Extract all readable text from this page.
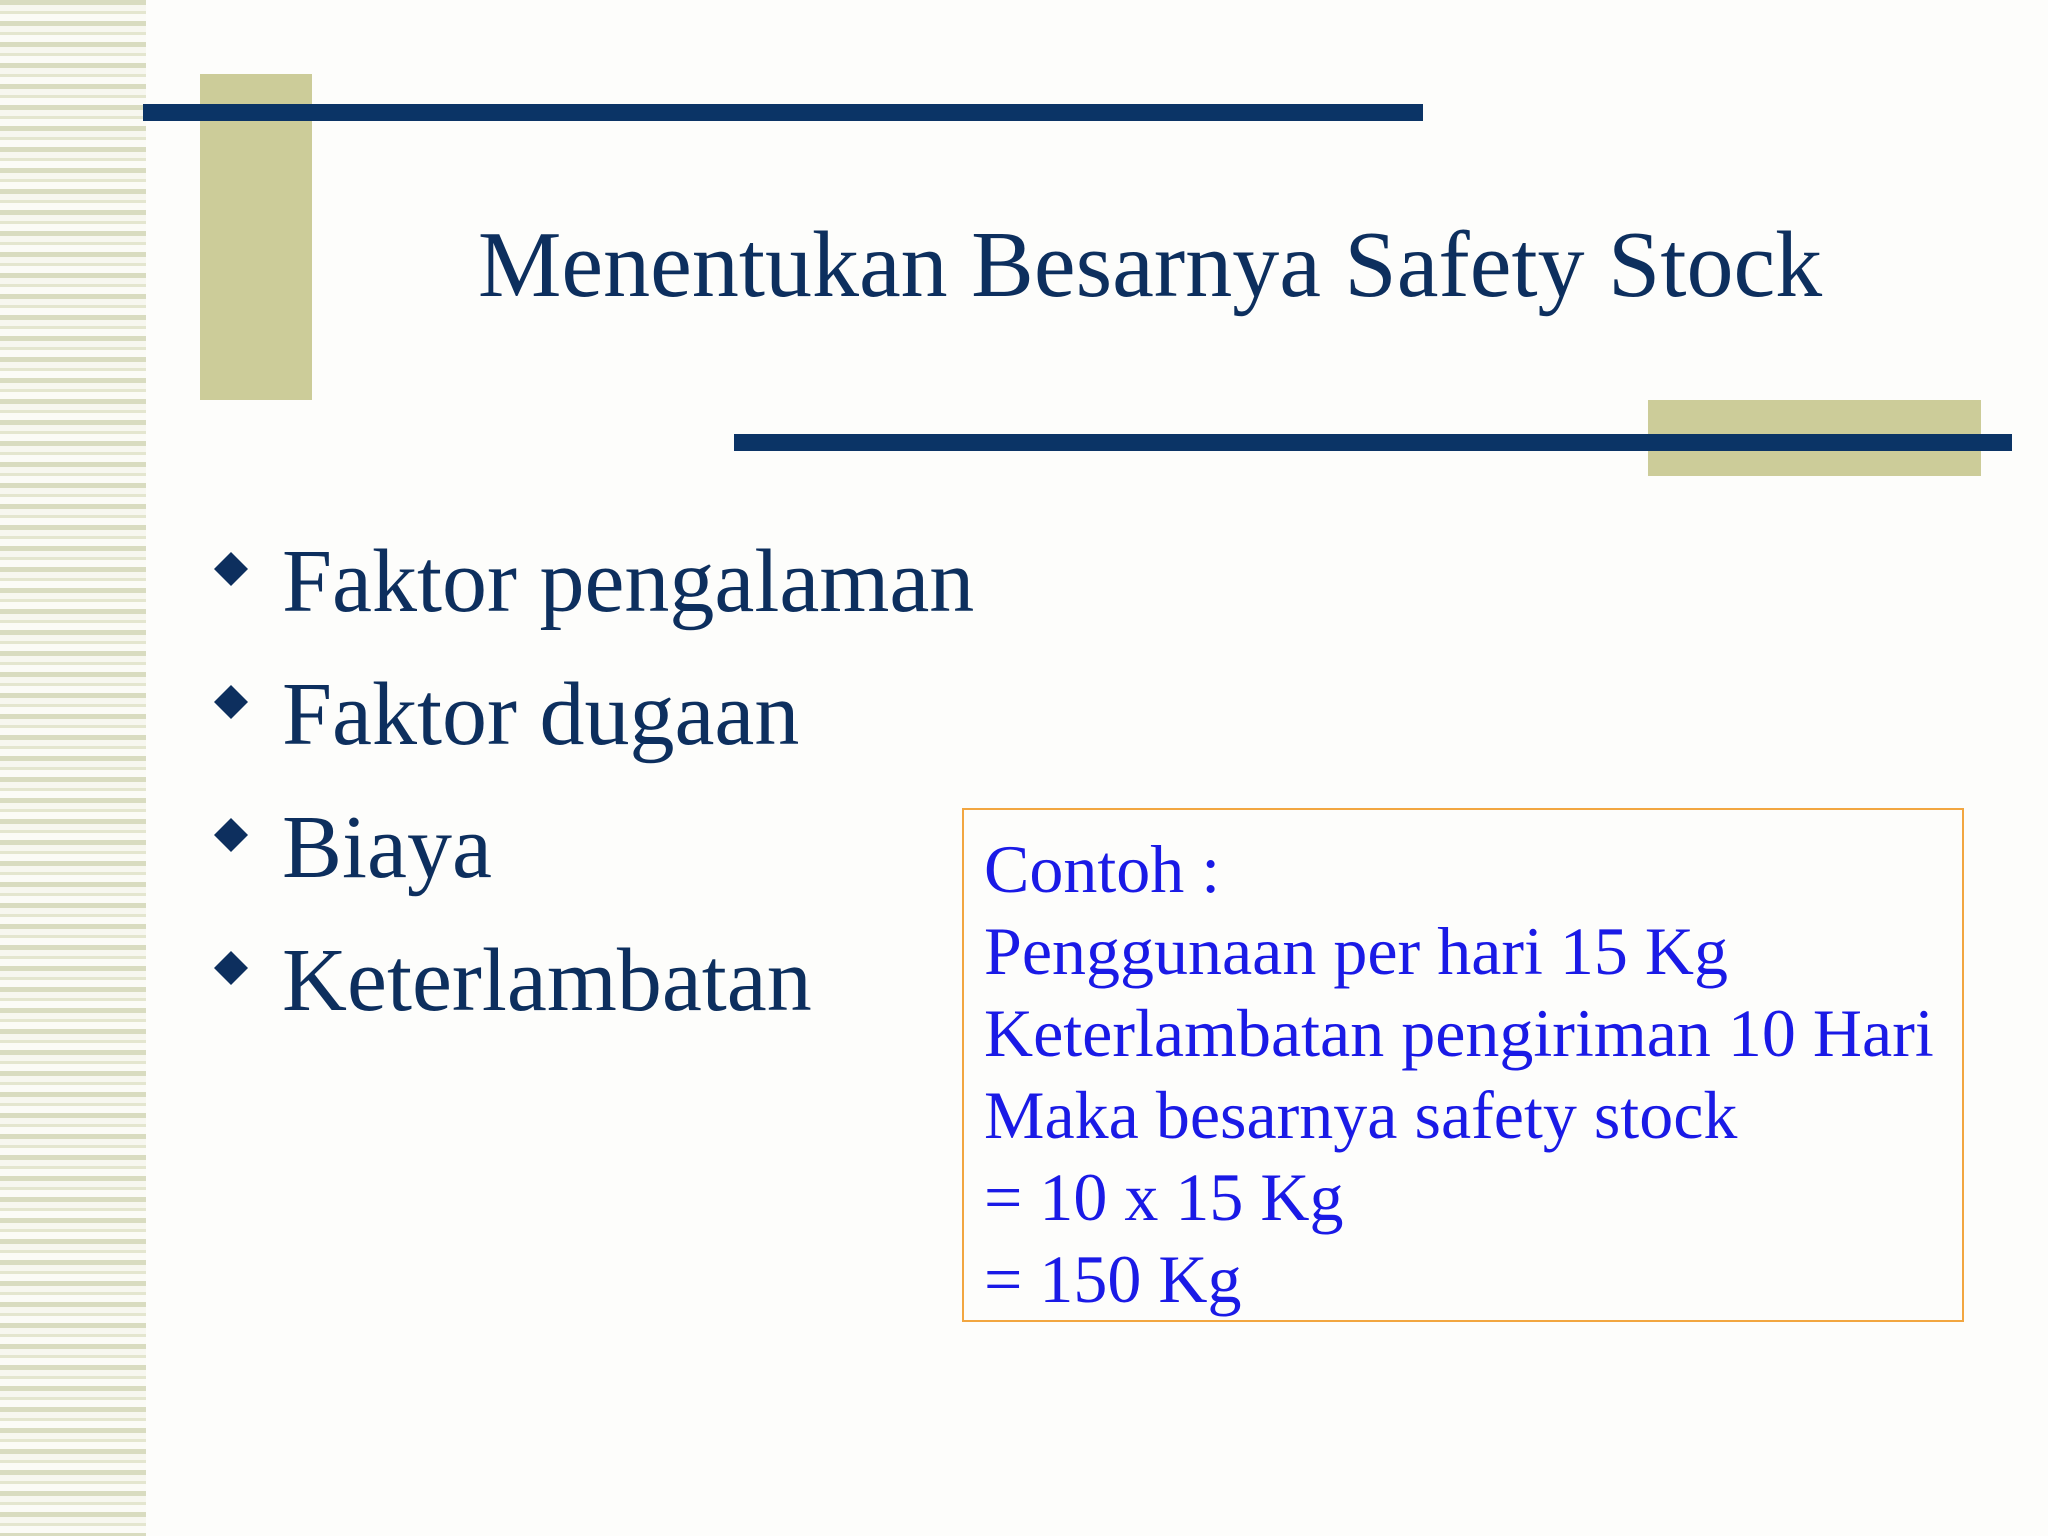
Menentukan Besarnya Safety Stock
Faktor pengalaman
Faktor dugaan
Biaya
Keterlambatan
Contoh :
Penggunaan per hari 15 Kg
Keterlambatan pengiriman 10 Hari
Maka besarnya safety stock
= 10 x 15 Kg
= 150 Kg
